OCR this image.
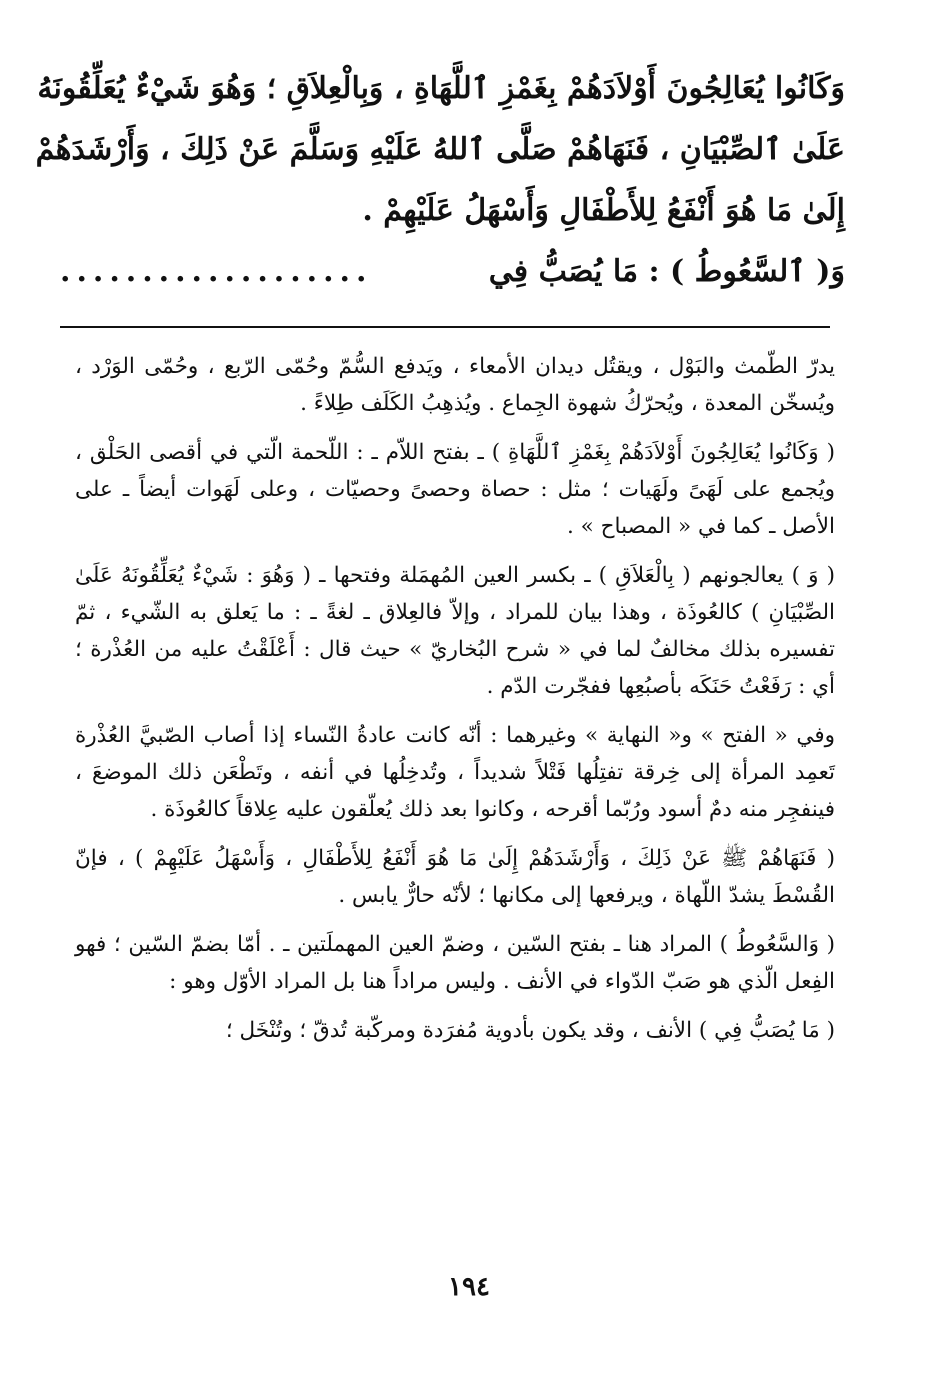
وَكَانُوا يُعَالِجُونَ أَوْلاَدَهُمْ بِغَمْزِ ٱللَّهَاةِ ، وَبِالْعِلاَقِ ؛ وَهُوَ شَيْءٌ يُعَلِّقُونَهُ
عَلَىٰ ٱلصِّبْيَانِ ، فَنَهَاهُمْ صَلَّى ٱللهُ عَلَيْهِ وَسَلَّمَ عَنْ ذَلِكَ ، وَأَرْشَدَهُمْ
إِلَىٰ مَا هُوَ أَنْفَعُ لِلأَطْفَالِ وَأَسْهَلُ عَلَيْهِمْ .
وَ( ٱلسَّعُوطُ ) : مَا يُصَبُّ فِي
...................

يدرّ الطّمث والبَوْل ، ويقتُل ديدان الأمعاء ، ويَدفع السُّمّ وحُمّى الرّبع ، وحُمّى الوَرْد ، ويُسخّن المعدة ، ويُحرّكُ شهوة الجِماع . ويُذهِبُ الكَلَف طِلاءً .

( وَكَانُوا يُعَالِجُونَ أَوْلاَدَهُمْ بِغَمْزِ ٱللَّهَاةِ ) ـ بفتح اللاّم ـ : اللّحمة الّتي في أقصى الحَلْق ، ويُجمع على لَهَىً ولَهَيات ؛ مثل : حصاة وحصىً وحصيّات ، وعلى لَهَوات أيضاً ـ على الأصل ـ كما في « المصباح » .

( وَ ) يعالجونهم ( بِالْعَلاَقِ ) ـ بكسر العين المُهمَلة وفتحها ـ ( وَهُوَ : شَيْءٌ يُعَلِّقُونَهُ عَلَىٰ الصِّبْيَانِ ) كالعُوذَة ، وهذا بيان للمراد ، وإلاّ فالعِلاق ـ لغةً ـ : ما يَعلق به الشّيء ، ثمّ تفسيره بذلك مخالفٌ لما في « شرح البُخاريّ » حيث قال : أَعْلَقْتُ عليه من العُذْرة ؛ أي : رَفَعْتُ حَنَكَه بأصبُعِها ففجّرت الدّم .

وفي « الفتح » و« النهاية » وغيرهما : أنّه كانت عادةُ النّساء إذا أصاب الصّبيَّ العُذْرة تَعمِد المرأة إلى خِرقة تفتِلُها فَتْلاً شديداً ، وتُدخِلُها في أنفه ، وتَطْعَن ذلك الموضعَ ، فينفجِر منه دمٌ أسود ورُبّما أقرحه ، وكانوا بعد ذلك يُعلّقون عليه عِلاقاً كالعُوذَة .

( فَنَهَاهُمْ ﷺ عَنْ ذَلِكَ ، وَأَرْشَدَهُمْ إِلَىٰ مَا هُوَ أَنْفَعُ لِلأَطْفَالِ ، وَأَسْهَلُ عَلَيْهِمْ ) ، فإنّ القُسْطَ يشدّ اللّهاة ، ويرفعها إلى مكانها ؛ لأنّه حارٌّ يابس .

( وَالسَّعُوطُ ) المراد هنا ـ بفتح السّين ، وضمّ العين المهملَتين ـ . أمّا بضمّ السّين ؛ فهو الفِعل الّذي هو صَبّ الدّواء في الأنف . وليس مراداً هنا بل المراد الأوّل وهو :

( مَا يُصَبُّ فِي ) الأنف ، وقد يكون بأدوية مُفرَدة ومركّبة تُدقّ ؛ وتُنْخَل ؛

١٩٤
